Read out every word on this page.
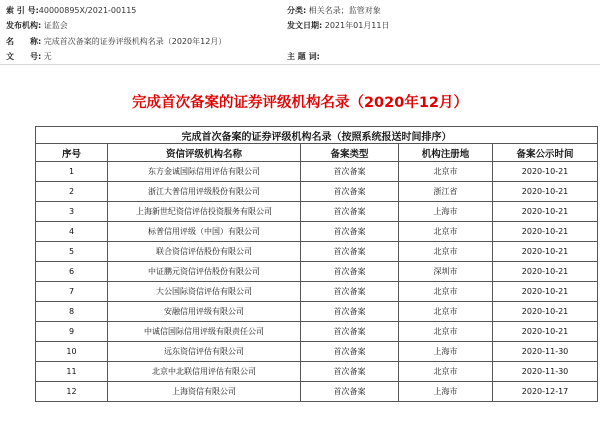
索 引 号:40000895X/2021-00115	分类: 相关名录；监管对象
发布机构: 证监会	发文日期: 2021年01月11日
名　　称: 完成首次备案的证券评级机构名录（2020年12月）
文　　号: 无	主 题 词:
完成首次备案的证券评级机构名录（2020年12月）
完成首次备案的证券评级机构名录（按照系统报送时间排序）				
序号	资信评级机构名称	备案类型	机构注册地	备案公示时间
1	东方金诚国际信用评估有限公司	首次备案	北京市	2020-10-21
2	浙江大普信用评级股份有限公司	首次备案	浙江省	2020-10-21
3	上海新世纪资信评估投资服务有限公司	首次备案	上海市	2020-10-21
4	标普信用评级（中国）有限公司	首次备案	北京市	2020-10-21
5	联合资信评估股份有限公司	首次备案	北京市	2020-10-21
6	中证鹏元资信评估股份有限公司	首次备案	深圳市	2020-10-21
7	大公国际资信评估有限公司	首次备案	北京市	2020-10-21
8	安融信用评级有限公司	首次备案	北京市	2020-10-21
9	中诚信国际信用评级有限责任公司	首次备案	北京市	2020-10-21
10	远东资信评估有限公司	首次备案	上海市	2020-11-30
11	北京中北联信用评估有限公司	首次备案	北京市	2020-11-30
12	上海资信有限公司	首次备案	上海市	2020-12-17
